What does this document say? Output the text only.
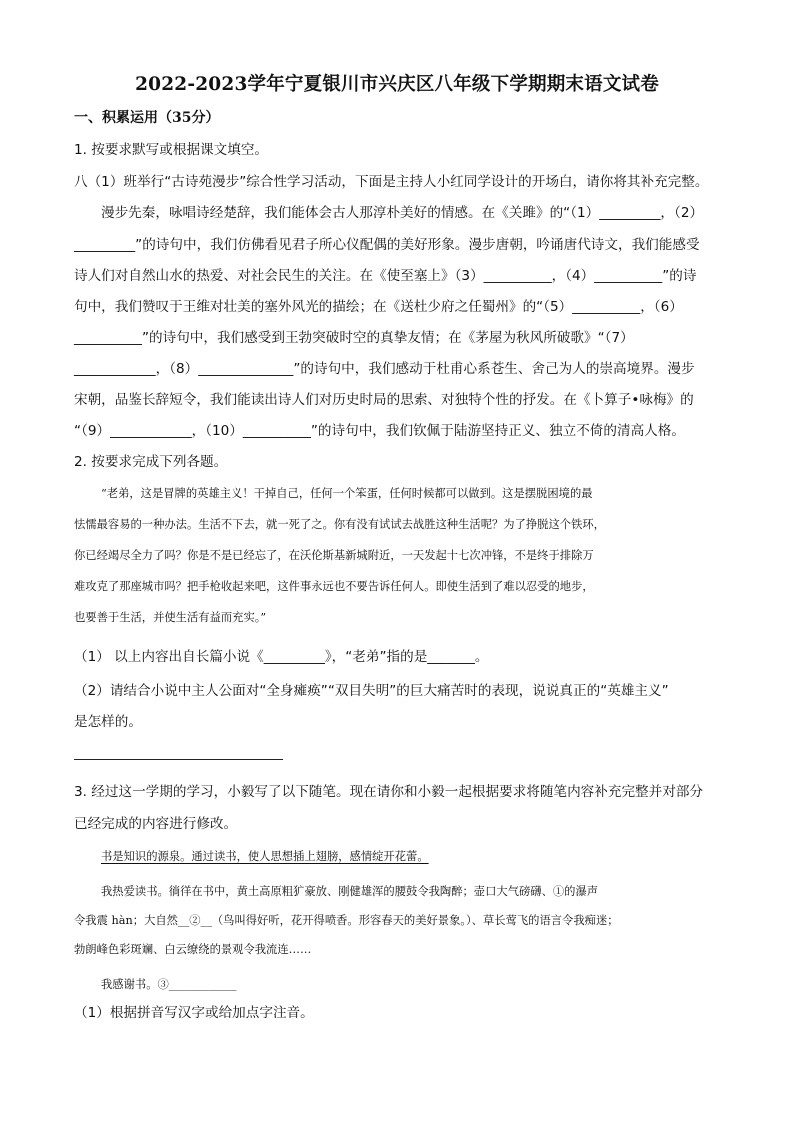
2022-2023学年宁夏银川市兴庆区八年级下学期期末语文试卷
一、积累运用（35分）
1. 按要求默写或根据课文填空。
八（1）班举行“古诗苑漫步”综合性学习活动，下面是主持人小红同学设计的开场白，请你将其补充完整。
漫步先秦，咏唱诗经楚辞，我们能体会古人那淳朴美好的情感。在《关雎》的“（1）_________，（2）
_________”的诗句中，我们仿佛看见君子所心仪配偶的美好形象。漫步唐朝，吟诵唐代诗文，我们能感受
诗人们对自然山水的热爱、对社会民生的关注。在《使至塞上》（3）__________，（4）__________”的诗
句中，我们赞叹于王维对壮美的塞外风光的描绘；在《送杜少府之任蜀州》的“（5）__________，（6）
__________”的诗句中，我们感受到王勃突破时空的真挚友情；在《茅屋为秋风所破歌》“（7）
____________，（8）______________”的诗句中，我们感动于杜甫心系苍生、舍己为人的崇高境界。漫步
宋朝，品鉴长辞短令，我们能读出诗人们对历史时局的思索、对独特个性的抒发。在《卜算子•咏梅》的
“（9）____________，（10）__________”的诗句中，我们钦佩于陆游坚持正义、独立不倚的清高人格。
2. 按要求完成下列各题。
“老弟，这是冒牌的英雄主义！干掉自己，任何一个笨蛋，任何时候都可以做到。这是摆脱困境的最
怯懦最容易的一种办法。生活不下去，就一死了之。你有没有试试去战胜这种生活呢？为了挣脱这个铁环，
你已经竭尽全力了吗？你是不是已经忘了，在沃伦斯基新城附近，一天发起十七次冲锋，不是终于排除万
难攻克了那座城市吗？把手枪收起来吧，这件事永远也不要告诉任何人。即使生活到了难以忍受的地步，
也要善于生活，并使生活有益而充实。”
（1） 以上内容出自长篇小说《_________》，“老弟”指的是_______。
（2）请结合小说中主人公面对“全身瘫痪”“双目失明”的巨大痛苦时的表现，说说真正的“英雄主义”
是怎样的。
3. 经过这一学期的学习，小毅写了以下随笔。现在请你和小毅一起根据要求将随笔内容补充完整并对部分
已经完成的内容进行修改。
书是知识的源泉。通过读书，使人思想插上翅膀，感情绽开花蕾。
我热爱读书。徜徉在书中，黄土高原粗犷豪放、刚健雄浑的腰鼓令我陶醉；壶口大气磅礴、①的瀑声
令我震 hàn；大自然__②__（鸟叫得好听，花开得喷香。形容春天的美好景象。）、草长莺飞的语言令我痴迷；
勃朗峰色彩斑斓、白云缭绕的景观令我流连……
我感谢书。③____________
（1）根据拼音写汉字或给加点字注音。
